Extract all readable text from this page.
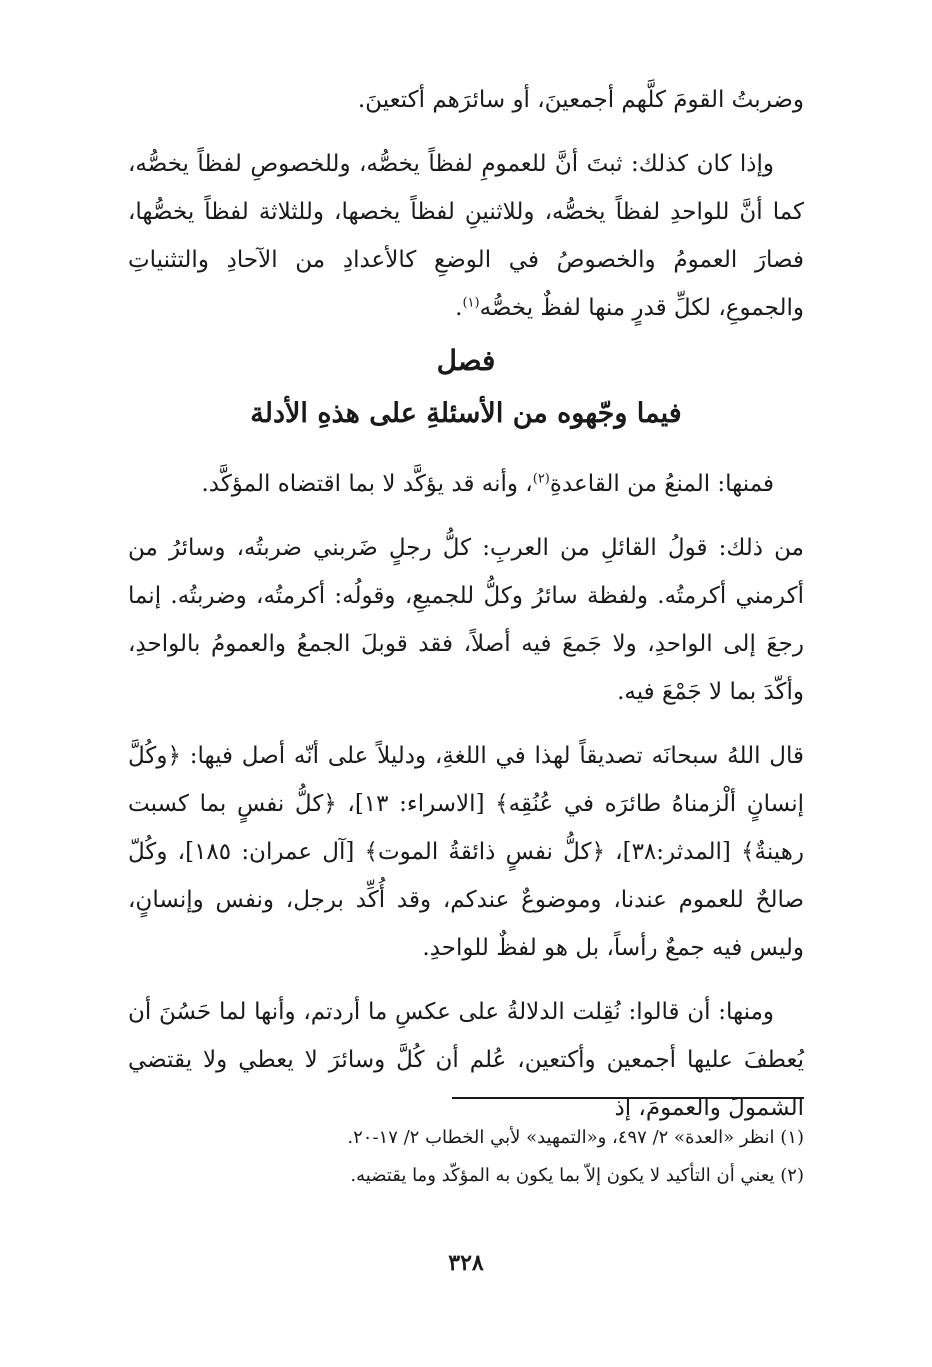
وضربتُ القومَ كلَّهم أجمعينَ، أو سائرَهم أكتعينَ.

وإذا كان كذلك: ثبتَ أنَّ للعمومِ لفظاً يخصُّه، وللخصوصِ لفظاً يخصُّه، كما أنَّ للواحدِ لفظاً يخصُّه، وللاثنينِ لفظاً يخصها، وللثلاثة لفظاً يخصُّها، فصارَ العمومُ والخصوصُ في الوضعِ كالأعدادِ من الآحادِ والتثنياتِ والجموعِ، لكلِّ قدرٍ منها لفظٌ يخصُّه$^{(١)}$.

فصل
فيما وجّهوه من الأسئلةِ على هذهِ الأدلة

فمنها: المنعُ من القاعدةِ$^{(٢)}$، وأنه قد يؤكَّد لا بما اقتضاه المؤكَّد.

من ذلك: قولُ القائلِ من العربِ: كلُّ رجلٍ ضَربني ضربتُه، وسائرُ من أكرمني أكرمتُه. ولفظة سائرُ وكلُّ للجميعِ، وقولُه: أكرمتُه، وضربتُه. إنما رجعَ إلى الواحدِ، ولا جَمعَ فيه أصلاً، فقد قوبلَ الجمعُ والعمومُ بالواحدِ، وأكّدَ بما لا جَمْعَ فيه.

قال اللهُ سبحانَه تصديقاً لهذا في اللغةِ، ودليلاً على أنّه أصل فيها: ﴿وكُلَّ إنسانٍ ألْزمناهُ طائرَه في عُنُقِه﴾ [الاسراء: ١٣]، ﴿كلُّ نفسٍ بما كسبت رهينةٌ﴾ [المدثر:٣٨]، ﴿كلُّ نفسٍ ذائقةُ الموت﴾ [آل عمران: ١٨٥]، وكُلّ صالحٌ للعموم عندنا، وموضوعٌ عندكم، وقد أُكِّد برجل، ونفس وإنسانٍ، وليس فيه جمعٌ رأساً، بل هو لفظٌ للواحدِ.

ومنها: أن قالوا: نُقِلت الدلالةُ على عكسِ ما أردتم، وأنها لما حَسُنَ أن يُعطفَ عليها أجمعين وأكتعين، عُلم أن كُلَّ وسائرَ لا يعطي ولا يقتضي الشمولَ والعمومَ، إذ

(١) انظر «العدة» ٢/ ٤٩٧، و«التمهيد» لأبي الخطاب ٢/ ١٧-٢٠.

(٢) يعني أن التأكيد لا يكون إلاّ بما يكون به المؤكّد وما يقتضيه.

٣٢٨
